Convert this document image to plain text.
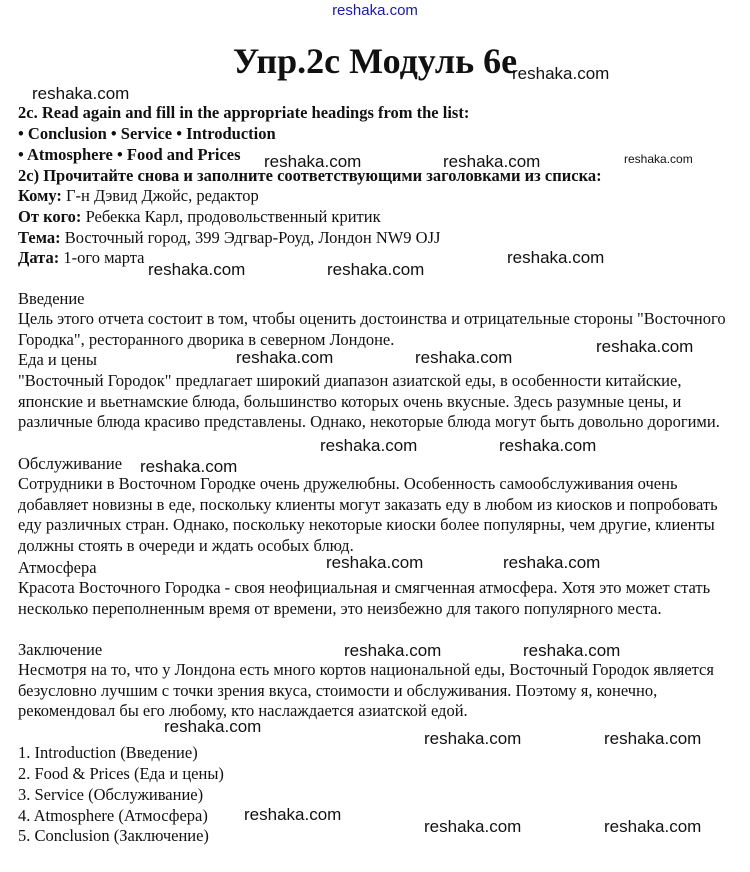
reshaka.com
Упр.2с Модуль 6е
2c. Read again and fill in the appropriate headings from the list:
• Conclusion • Service • Introduction
• Atmosphere • Food and Prices
2с) Прочитайте снова и заполните соответствующими заголовками из списка:
Кому: Г-н Дэвид Джойс, редактор
От кого: Ребекка Карл, продовольственный критик
Тема: Восточный город, 399 Эдгвар-Роуд, Лондон NW9 OJJ
Дата: 1-ого марта
Введение
Цель этого отчета состоит в том, чтобы оценить достоинства и отрицательные стороны "Восточного Городка", ресторанного дворика в северном Лондоне.
Еда и цены
"Восточный Городок" предлагает широкий диапазон азиатской еды, в особенности китайские, японские и вьетнамские блюда, большинство которых очень вкусные. Здесь разумные цены, и различные блюда красиво представлены. Однако, некоторые блюда могут быть довольно дорогими.
Обслуживание
Сотрудники в Восточном Городке очень дружелюбны. Особенность самообслуживания очень добавляет новизны в еде, поскольку клиенты могут заказать еду в любом из киосков и попробовать еду различных стран. Однако, поскольку некоторые киоски более популярны, чем другие, клиенты должны стоять в очереди и ждать особых блюд.
Атмосфера
Красота Восточного Городка - своя неофициальная и смягченная атмосфера. Хотя это может стать несколько переполненным время от времени, это неизбежно для такого популярного места.
Заключение
Несмотря на то, что у Лондона есть много кортов национальной еды, Восточный Городок является безусловно лучшим с точки зрения вкуса, стоимости и обслуживания. Поэтому я, конечно, рекомендовал бы его любому, кто наслаждается азиатской едой.
1. Introduction (Введение)
2. Food & Prices (Еда и цены)
3. Service (Обслуживание)
4. Atmosphere (Атмосфера)
5. Conclusion (Заключение)
reshaka.com
reshaka.com
reshaka.com	reshaka.com	reshaka.com
reshaka.com	reshaka.com
reshaka.com
reshaka.com	reshaka.com
reshaka.com
reshaka.com	reshaka.com
reshaka.com
reshaka.com	reshaka.com
reshaka.com	reshaka.com
reshaka.com
reshaka.com	reshaka.com
reshaka.com
reshaka.com	reshaka.com
